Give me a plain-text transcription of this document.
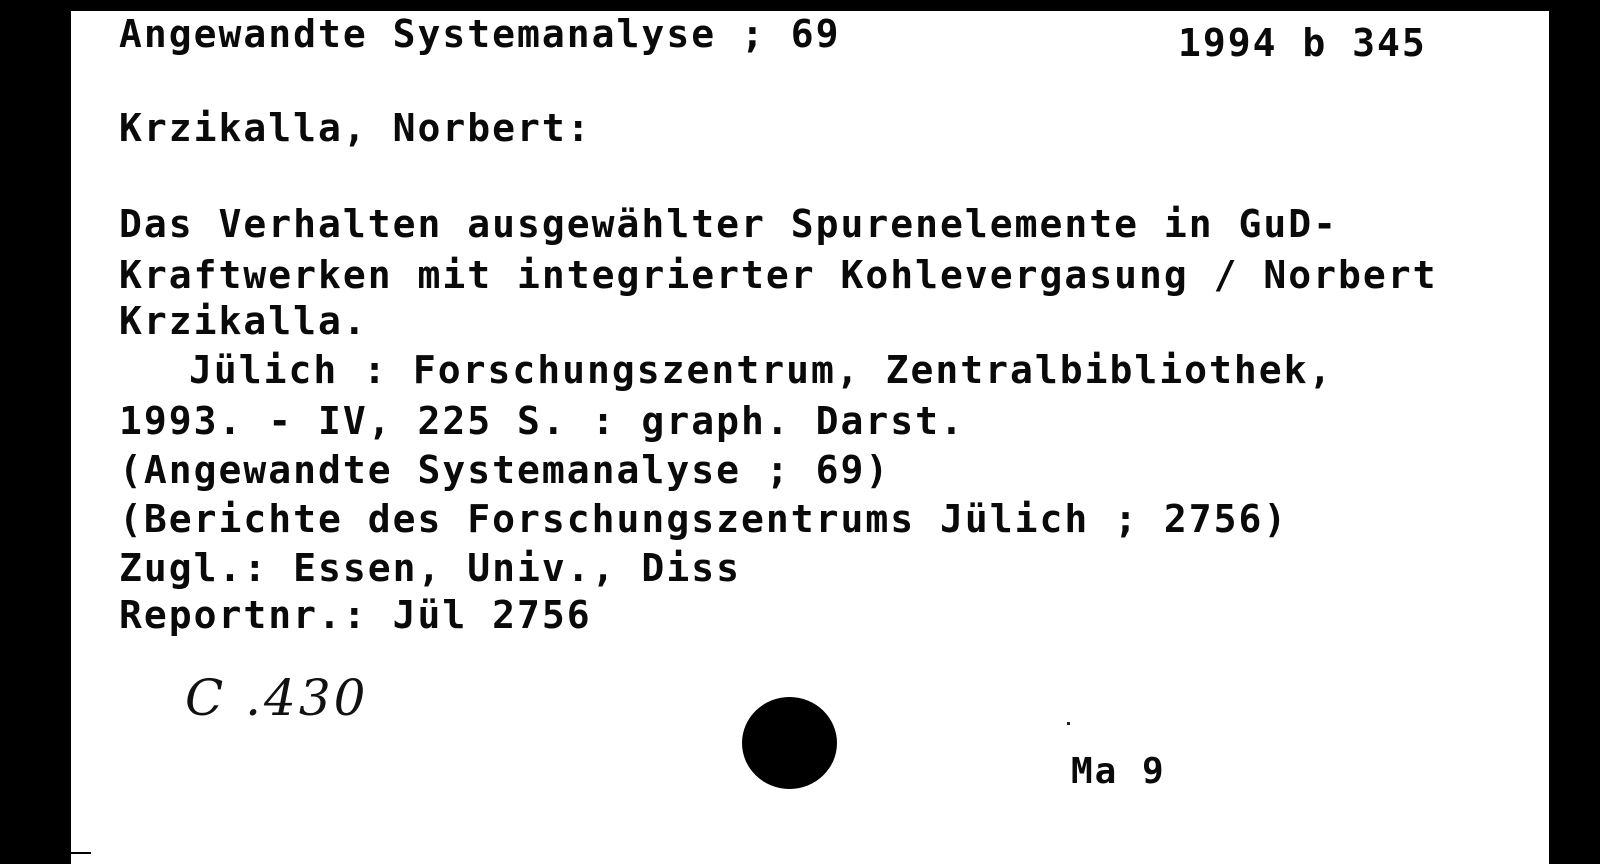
Angewandte Systemanalyse ; 69	1994 b 345

Krzikalla, Norbert:

Das Verhalten ausgewählter Spurenelemente in GuD-

Kraftwerken mit integrierter Kohlevergasung / Norbert

Krzikalla.

Jülich : Forschungszentrum, Zentralbibliothek,

1993. - IV, 225 S. : graph. Darst.

(Angewandte Systemanalyse ; 69)

(Berichte des Forschungszentrums Jülich ; 2756)

Zugl.: Essen, Univ., Diss

Reportnr.: Jül 2756

C .430

Ma 9
